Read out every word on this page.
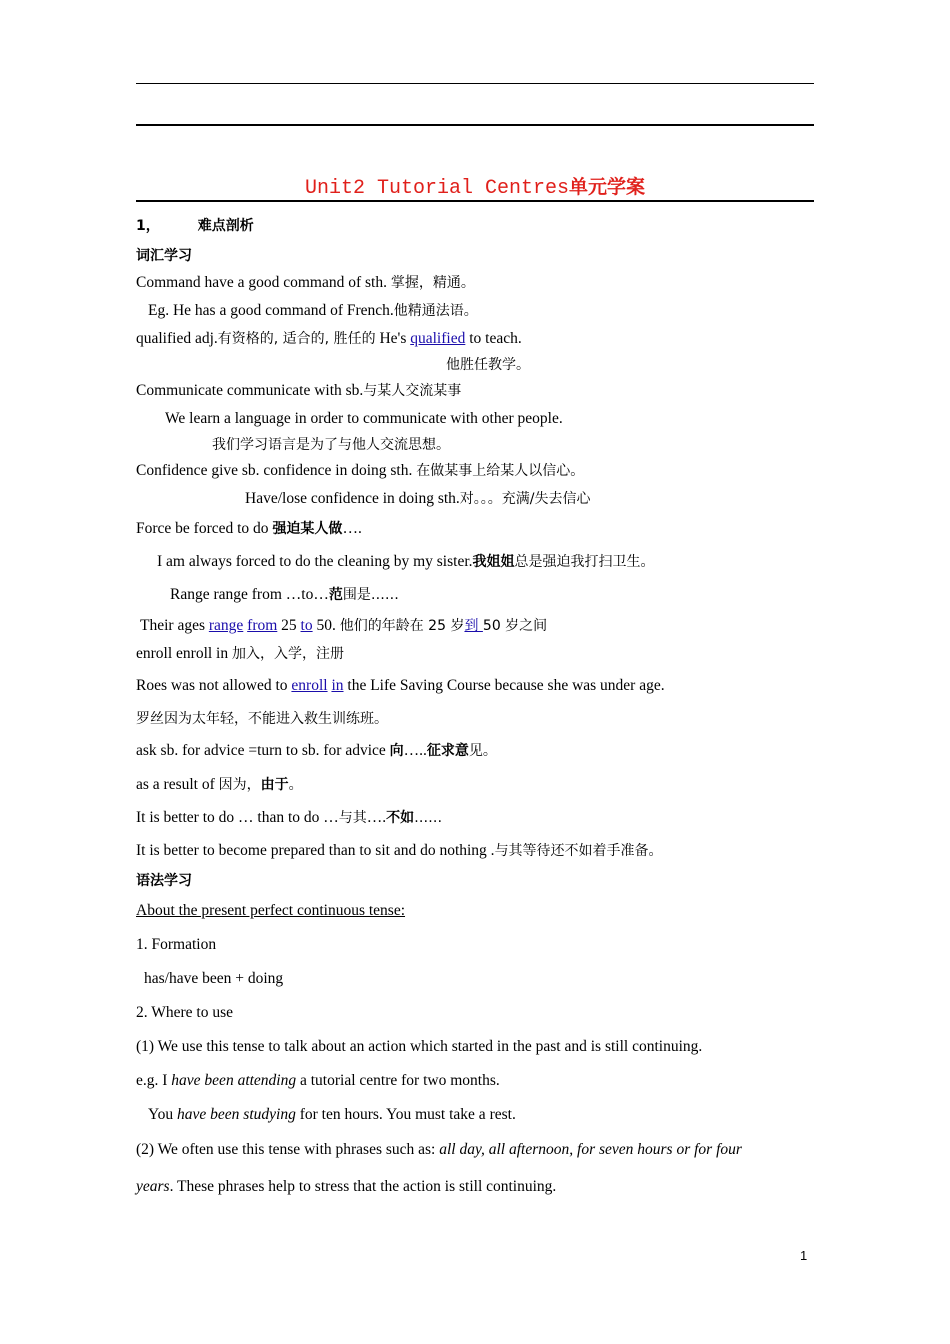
Unit2 Tutorial Centres单元学案
1，	难点剖析
词汇学习
Command have a good command of sth. 掌握，精通。
Eg. He has a good command of French.他精通法语。
qualified adj.有资格的, 适合的, 胜任的 He's qualified to teach.
他胜任教学。
Communicate communicate with sb.与某人交流某事
We learn a language in order to communicate with other people.
我们学习语言是为了与他人交流思想。
Confidence give sb. confidence in doing sth. 在做某事上给某人以信心。
Have/lose confidence in doing sth.对。。。充满/失去信心
Force be forced to do 强迫某人做….
I am always forced to do the cleaning by my sister.我姐姐总是强迫我打扫卫生。
Range range from …to…范围是……
Their ages range from 25 to 50. 他们的年龄在 25 岁到 50 岁之间
enroll enroll in 加入，入学，注册
Roes was not allowed to enroll in the Life Saving Course because she was under age.
罗丝因为太年轻，不能进入救生训练班。
ask sb. for advice =turn to sb. for advice 向…..征求意见。
as a result of 因为，由于。
It is better to do … than to do …与其….不如……
It is better to become prepared than to sit and do nothing .与其等待还不如着手准备。
语法学习
About the present perfect continuous tense:
1. Formation
has/have been + doing
2. Where to use
(1) We use this tense to talk about an action which started in the past and is still continuing.
e.g. I have been attending a tutorial centre for two months.
You have been studying for ten hours. You must take a rest.
(2) We often use this tense with phrases such as: all day, all afternoon, for seven hours or for four
years. These phrases help to stress that the action is still continuing.
1
